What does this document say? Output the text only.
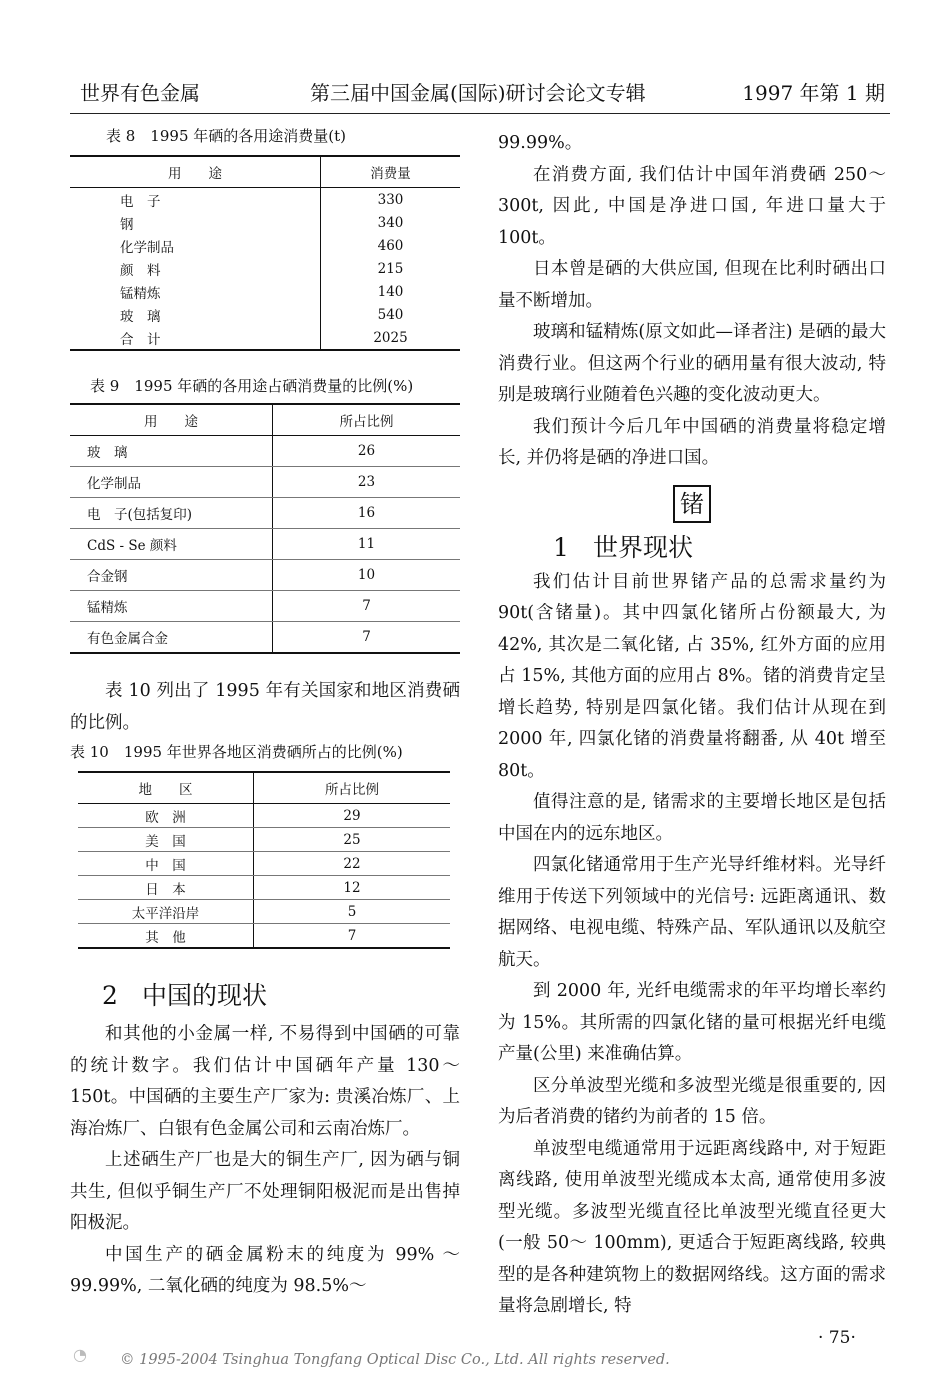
世界有色金属	第三届中国金属(国际)研讨会论文专辑	1997 年第 1 期
表 8　1995 年硒的各用途消费量(t)
用　　途	消费量
电　子	330
钢	340
化学制品	460
颜　料	215
锰精炼	140
玻　璃	540
合　计	2025
表 9　1995 年硒的各用途占硒消费量的比例(%)
用　　途	所占比例
玻　璃	26
化学制品	23
电　子(包括复印)	16
CdS - Se 颜料	11
合金钢	10
锰精炼	7
有色金属合金	7

表 10 列出了 1995 年有关国家和地区消费硒的比例。

表 10　1995 年世界各地区消费硒所占的比例(%)
地　　区	所占比例
欧　洲	29
美　国	25
中　国	22
日　本	12
太平洋沿岸	5
其　他	7
2 中国的现状

和其他的小金属一样, 不易得到中国硒的可靠的统计数字。我们估计中国硒年产量 130～ 150t。中国硒的主要生产厂家为: 贵溪冶炼厂、上海冶炼厂、白银有色金属公司和云南冶炼厂。

上述硒生产厂也是大的铜生产厂, 因为硒与铜共生, 但似乎铜生产厂不处理铜阳极泥而是出售掉阳极泥。

中国生产的硒金属粉末的纯度为 99% ～ 99.99%, 二氧化硒的纯度为 98.5%～

99.99%。

在消费方面, 我们估计中国年消费硒 250～ 300t, 因此, 中国是净进口国, 年进口量大于 100t。

日本曾是硒的大供应国, 但现在比利时硒出口量不断增加。

玻璃和锰精炼(原文如此—译者注) 是硒的最大消费行业。但这两个行业的硒用量有很大波动, 特别是玻璃行业随着色兴趣的变化波动更大。

我们预计今后几年中国硒的消费量将稳定增长, 并仍将是硒的净进口国。

锗
1 世界现状

我们估计目前世界锗产品的总需求量约为 90t(含锗量)。其中四氯化锗所占份额最大, 为 42%, 其次是二氧化锗, 占 35%, 红外方面的应用占 15%, 其他方面的应用占 8%。锗的消费肯定呈增长趋势, 特别是四氯化锗。我们估计从现在到 2000 年, 四氯化锗的消费量将翻番, 从 40t 增至 80t。

值得注意的是, 锗需求的主要增长地区是包括中国在内的远东地区。

四氯化锗通常用于生产光导纤维材料。光导纤维用于传送下列领域中的光信号: 远距离通讯、数据网络、电视电缆、特殊产品、军队通讯以及航空航天。

到 2000 年, 光纤电缆需求的年平均增长率约为 15%。其所需的四氯化锗的量可根据光纤电缆产量(公里) 来准确估算。

区分单波型光缆和多波型光缆是很重要的, 因为后者消费的锗约为前者的 15 倍。

单波型电缆通常用于远距离线路中, 对于短距离线路, 使用单波型光缆成本太高, 通常使用多波型光缆。多波型光缆直径比单波型光缆直径更大(一般 50～ 100mm), 更适合于短距离线路, 较典型的是各种建筑物上的数据网络线。这方面的需求量将急剧增长, 特

· 75·
◔	© 1995-2004 Tsinghua Tongfang Optical Disc Co., Ltd. All rights reserved.
